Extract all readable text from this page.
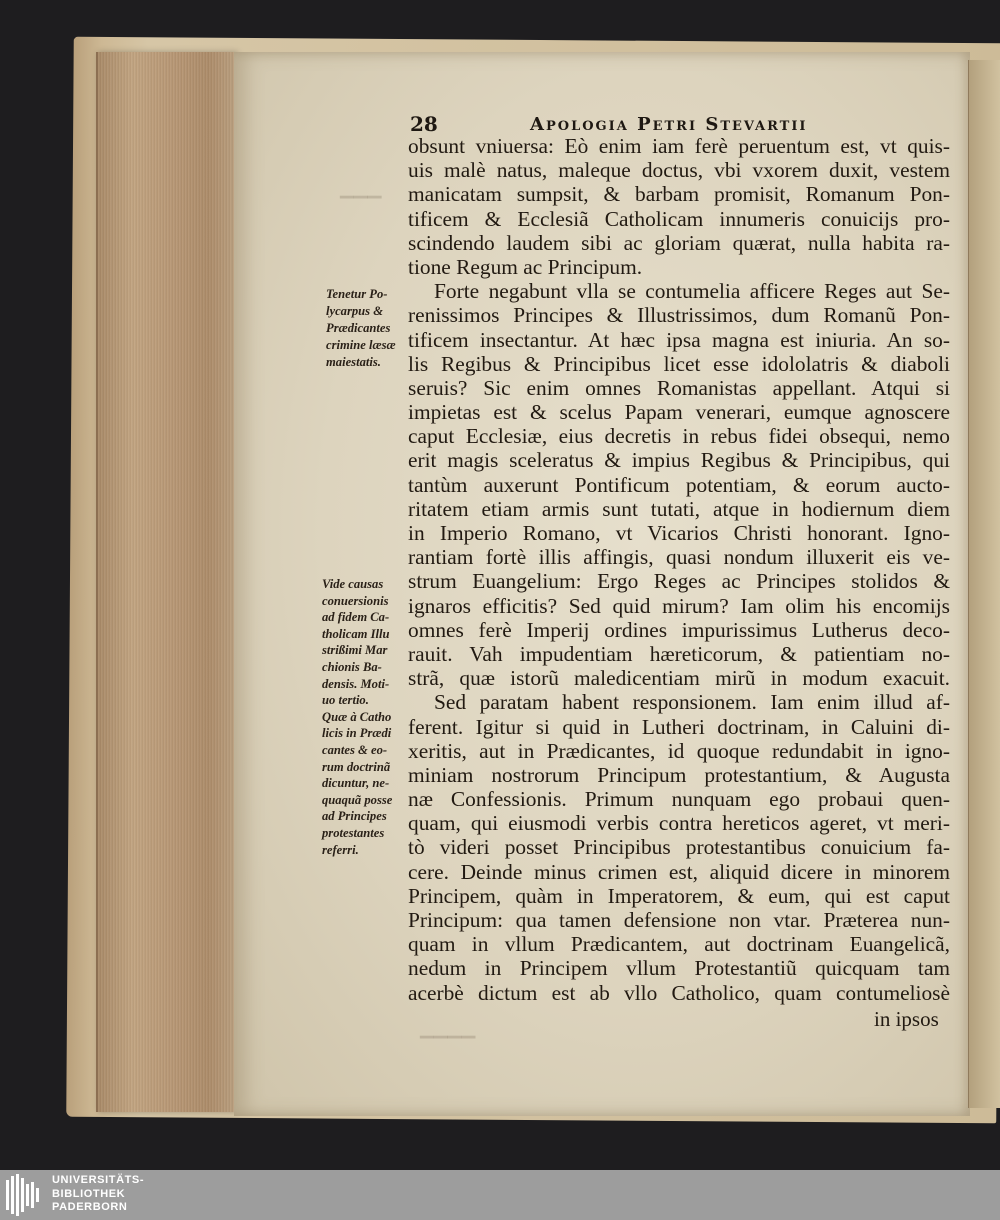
▁▁▁
▁▁▁▁
28	Apologia Petri Stevartii
obsunt vniuersa: Eò enim iam ferè peruentum est, vt quis-
uis malè natus, maleque doctus, vbi vxorem duxit, vestem
manicatam sumpsit, & barbam promisit, Romanum Pon-
tificem & Ecclesiã Catholicam innumeris conuicijs pro-
scindendo laudem sibi ac gloriam quærat, nulla habita ra-
tione Regum ac Principum.
Forte negabunt vlla se contumelia afficere Reges aut Se-
renissimos Principes & Illustrissimos, dum Romanũ Pon-
tificem insectantur. At hæc ipsa magna est iniuria. An so-
lis Regibus & Principibus licet esse idololatris & diaboli
seruis? Sic enim omnes Romanistas appellant. Atqui si
impietas est & scelus Papam venerari, eumque agnoscere
caput Ecclesiæ, eius decretis in rebus fidei obsequi, nemo
erit magis sceleratus & impius Regibus & Principibus, qui
tantùm auxerunt Pontificum potentiam, & eorum aucto-
ritatem etiam armis sunt tutati, atque in hodiernum diem
in Imperio Romano, vt Vicarios Christi honorant. Igno-
rantiam fortè illis affingis, quasi nondum illuxerit eis ve-
strum Euangelium: Ergo Reges ac Principes stolidos &
ignaros efficitis? Sed quid mirum? Iam olim his encomijs
omnes ferè Imperij ordines impurissimus Lutherus deco-
rauit. Vah impudentiam hæreticorum, & patientiam no-
strã, quæ istorũ maledicentiam mirũ in modum exacuit.
Sed paratam habent responsionem. Iam enim illud af-
ferent. Igitur si quid in Lutheri doctrinam, in Caluini di-
xeritis, aut in Prædicantes, id quoque redundabit in igno-
miniam nostrorum Principum protestantium, & Augusta
næ Confessionis. Primum nunquam ego probaui quen-
quam, qui eiusmodi verbis contra hereticos ageret, vt meri-
tò videri posset Principibus protestantibus conuicium fa-
cere. Deinde minus crimen est, aliquid dicere in minorem
Principem, quàm in Imperatorem, & eum, qui est caput
Principum: qua tamen defensione non vtar. Præterea nun-
quam in vllum Prædicantem, aut doctrinam Euangelicã,
nedum in Principem vllum Protestantiũ quicquam tam
acerbè dictum est ab vllo Catholico, quam contumeliosè
in ipsos
Tenetur Po-
lycarpus &
Prædicantes
crimine læsæ
maiestatis.
Vide causas
conuersionis
ad fidem Ca-
tholicam Illu
strißimi Mar
chionis Ba-
densis. Moti-
uo tertio.
Quæ à Catho
licis in Prædi
cantes & eo-
rum doctrinã
dicuntur, ne-
quaquã posse
ad Principes
protestantes
referri.
UNIVERSITÄTS-
BIBLIOTHEK
PADERBORN
